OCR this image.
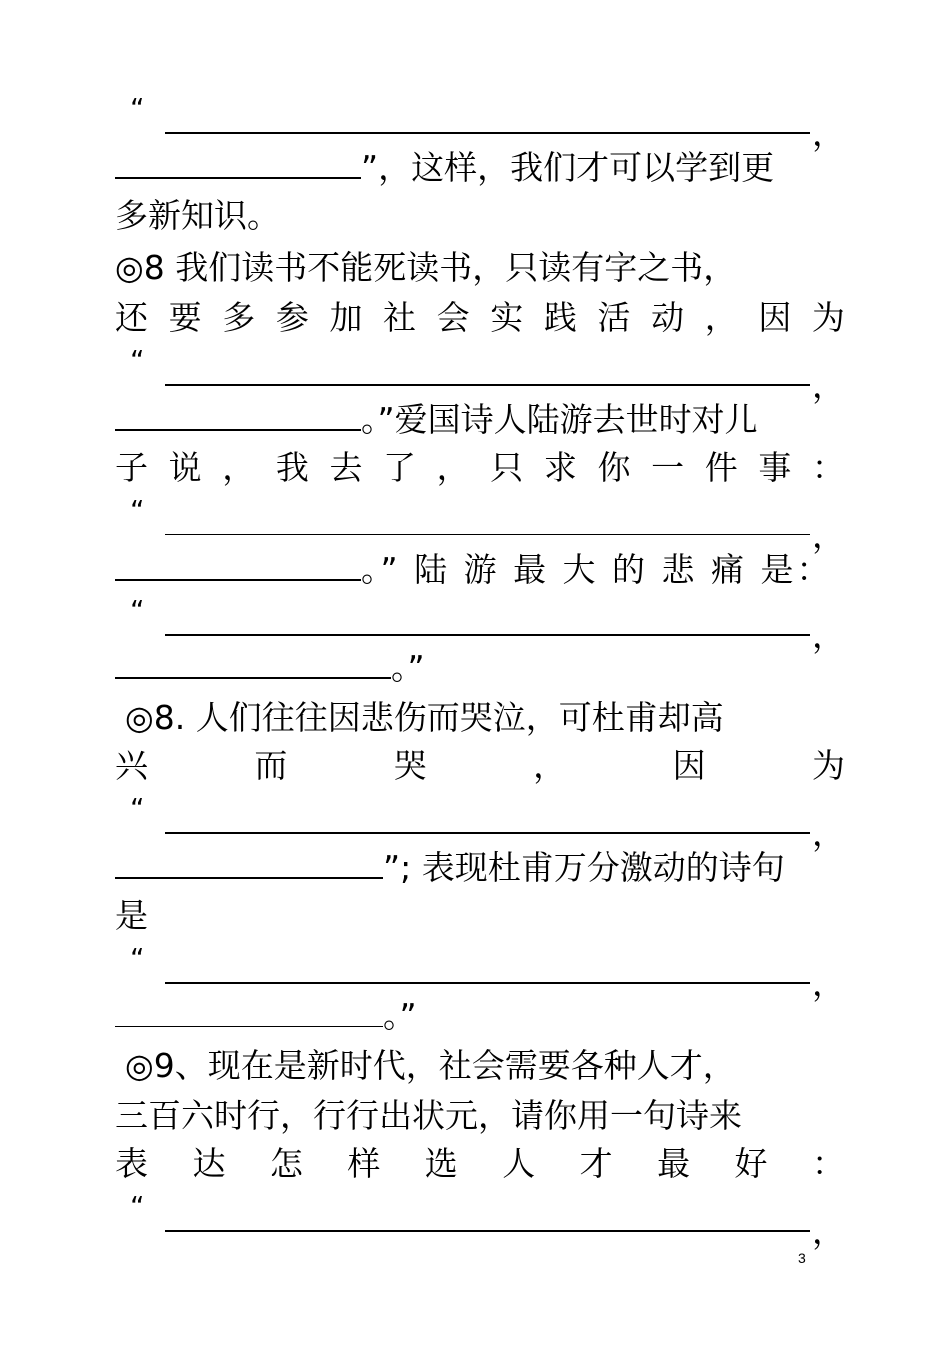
“
，
”，这样，我们才可以学到更
多新知识。
◎8 我们读书不能死读书，只读有字之书，
还 要 多 参 加 社 会 实 践 活 动 ， 因 为
“
，
。”爱国诗人陆游去世时对儿
子 说 ， 我 去 了 ， 只 求 你 一 件 事 ：
“
，
。” 陆 游 最 大 的 悲 痛 是：
“
，
。”
◎8. 人们往往因悲伤而哭泣，可杜甫却高
兴	而	哭	，	因	为
“
，
”; 表现杜甫万分激动的诗句
是
“
，
。”
◎9、现在是新时代，社会需要各种人才，
三百六时行，行行出状元，请你用一句诗来
表 达 怎 样 选 人 才 最 好 ：
“
，
3
